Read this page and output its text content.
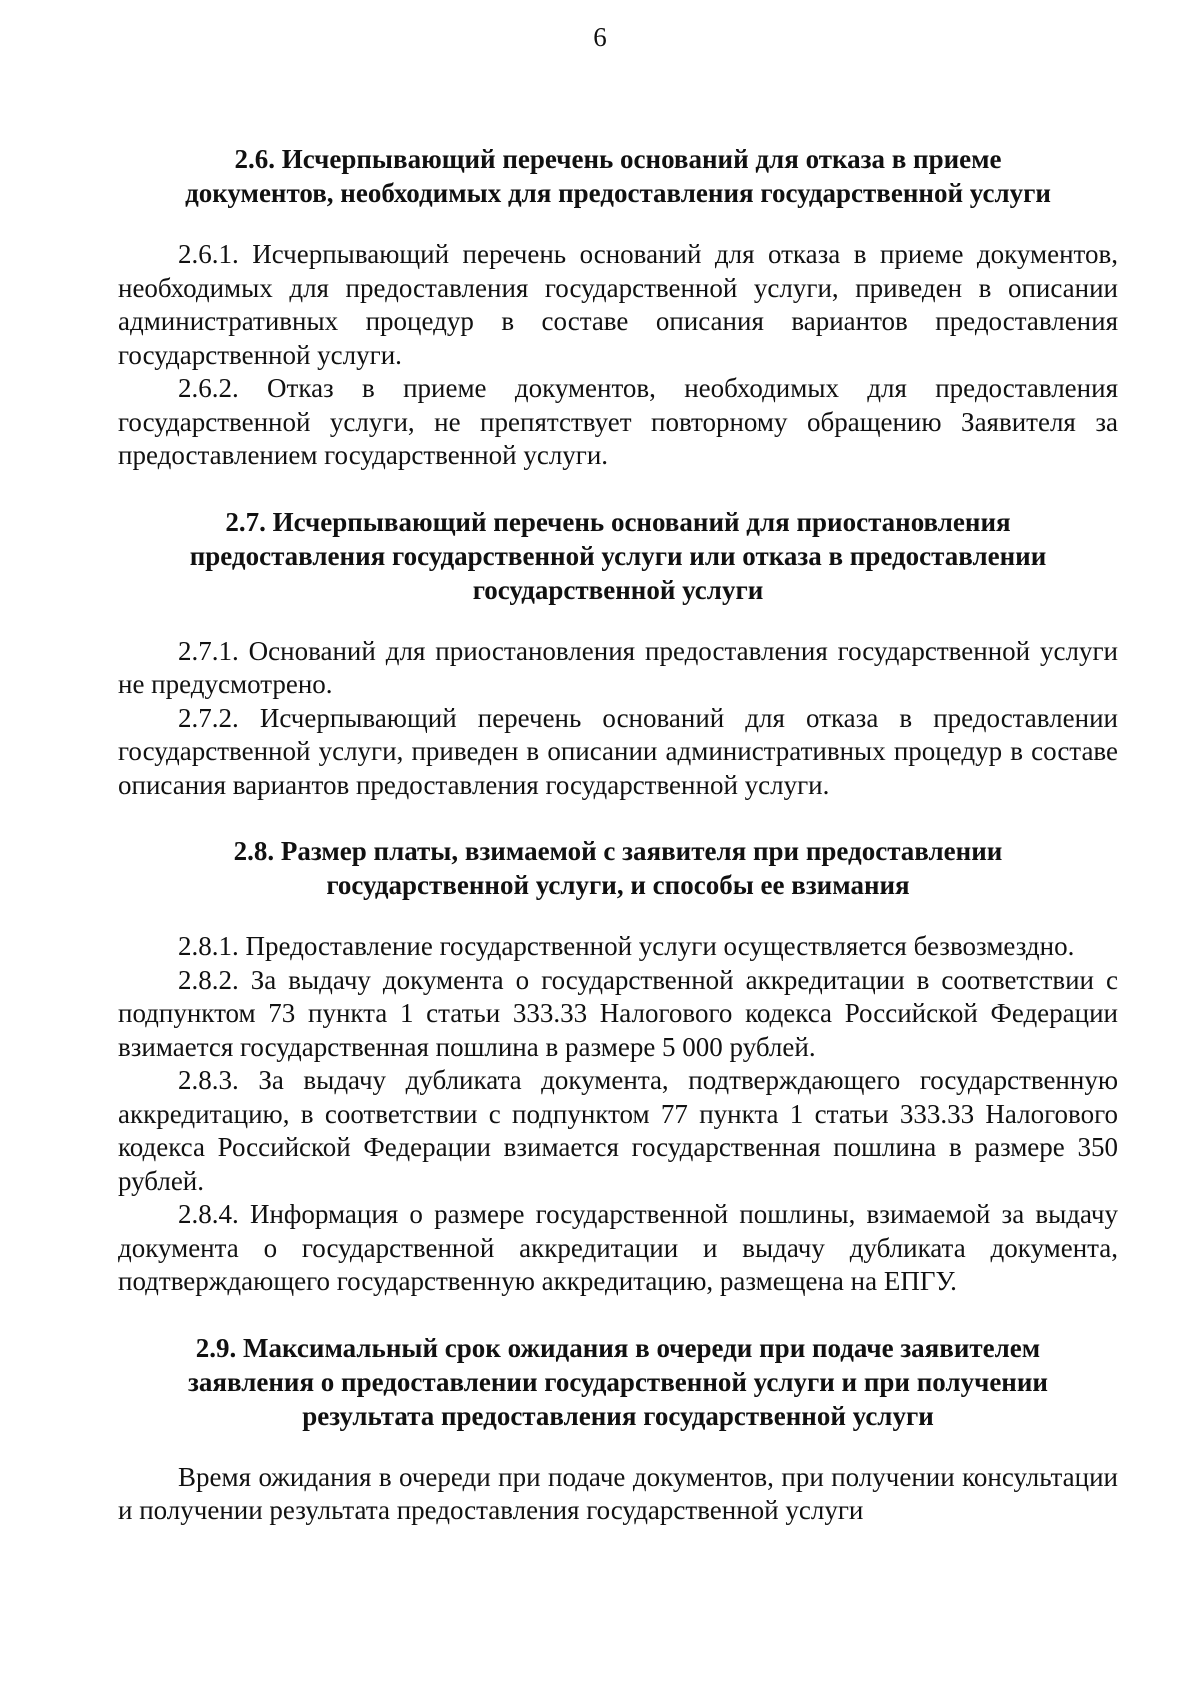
6
2.6. Исчерпывающий перечень оснований для отказа в приеме документов, необходимых для предоставления государственной услуги

2.6.1. Исчерпывающий перечень оснований для отказа в приеме документов, необходимых для предоставления государственной услуги, приведен в описании административных процедур в составе описания вариантов предоставления государственной услуги.

2.6.2. Отказ в приеме документов, необходимых для предоставления государственной услуги, не препятствует повторному обращению Заявителя за предоставлением государственной услуги.

2.7. Исчерпывающий перечень оснований для приостановления предоставления государственной услуги или отказа в предоставлении государственной услуги

2.7.1. Оснований для приостановления предоставления государственной услуги не предусмотрено.

2.7.2. Исчерпывающий перечень оснований для отказа в предоставлении государственной услуги, приведен в описании административных процедур в составе описания вариантов предоставления государственной услуги.

2.8. Размер платы, взимаемой с заявителя при предоставлении государственной услуги, и способы ее взимания

2.8.1. Предоставление государственной услуги осуществляется безвозмездно.

2.8.2. За выдачу документа о государственной аккредитации в соответствии с подпунктом 73 пункта 1 статьи 333.33 Налогового кодекса Российской Федерации взимается государственная пошлина в размере 5 000 рублей.

2.8.3. За выдачу дубликата документа, подтверждающего государственную аккредитацию, в соответствии с подпунктом 77 пункта 1 статьи 333.33 Налогового кодекса Российской Федерации взимается государственная пошлина в размере 350 рублей.

2.8.4. Информация о размере государственной пошлины, взимаемой за выдачу документа о государственной аккредитации и выдачу дубликата документа, подтверждающего государственную аккредитацию, размещена на ЕПГУ.

2.9. Максимальный срок ожидания в очереди при подаче заявителем заявления о предоставлении государственной услуги и при получении результата предоставления государственной услуги

Время ожидания в очереди при подаче документов, при получении консультации и получении результата предоставления государственной услуги
